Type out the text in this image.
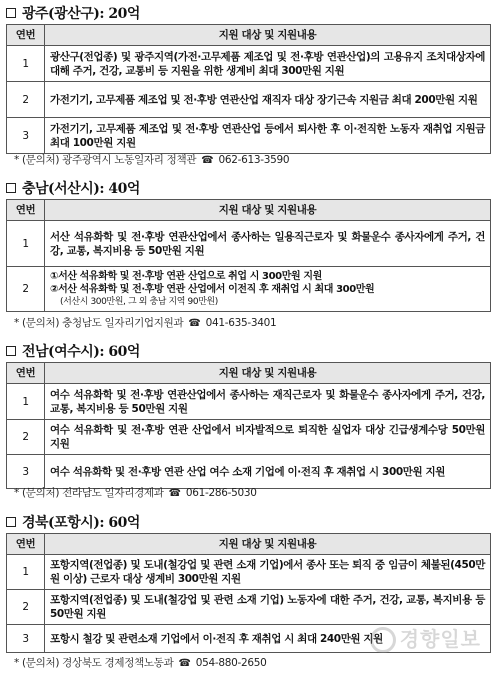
광주(광산구): 20억
연번	지원 대상 및 지원내용
1	광산구(전업종) 및 광주지역(가전·고무제품 제조업 및 전·후방 연관산업)의 고용유지 조치대상자에 대해 주거, 건강, 교통비 등 지원을 위한 생계비 최대 300만원 지원
2	가전기기, 고무제품 제조업 및 전·후방 연관산업 재직자 대상 장기근속 지원금 최대 200만원 지원
3	가전기기, 고무제품 제조업 및 전·후방 연관산업 등에서 퇴사한 후 이·전직한 노동자 재취업 지원금 최대 100만원 지원
* (문의처) 광주광역시 노동일자리 정책관 ☎ 062-613-3590
충남(서산시): 40억
연번	지원 대상 및 지원내용
1	서산 석유화학 및 전·후방 연관산업에서 종사하는 일용직근로자 및 화물운수 종사자에게 주거, 건강, 교통, 복지비용 등 50만원 지원
2	①서산 석유화학 및 전·후방 연관 산업으로 취업 시 300만원 지원
②서산 석유화학 및 전·후방 연관 산업에서 이전직 후 재취업 시 최대 300만원
(서산시 300만원, 그 외 충남 지역 90만원)
* (문의처) 충청남도 일자리기업지원과 ☎ 041-635-3401
전남(여수시): 60억
연번	지원 대상 및 지원내용
1	여수 석유화학 및 전·후방 연관산업에서 종사하는 재직근로자 및 화물운수 종사자에게 주거, 건강, 교통, 복지비용 등 50만원 지원
2	여수 석유화학 및 전·후방 연관 산업에서 비자발적으로 퇴직한 실업자 대상 긴급생계수당 50만원 지원
3	여수 석유화학 및 전·후방 연관 산업 여수 소재 기업에 이·전직 후 재취업 시 300만원 지원
* (문의처) 전라남도 일자리경제과 ☎ 061-286-5030
경북(포항시): 60억
연번	지원 대상 및 지원내용
1	포항지역(전업종) 및 도내(철강업 및 관련 소재 기업)에서 종사 또는 퇴직 중 임금이 체불된(450만원 이상) 근로자 대상 생계비 300만원 지원
2	포항지역(전업종) 및 도내(철강업 및 관련 소재 기업) 노동자에 대한 주거, 건강, 교통, 복지비용 등 50만원 지원
3	포항시 철강 및 관련소재 기업에서 이·전직 후 재취업 시 최대 240만원 지원
* (문의처) 경상북도 경제정책노동과 ☎ 054-880-2650
경향일보
